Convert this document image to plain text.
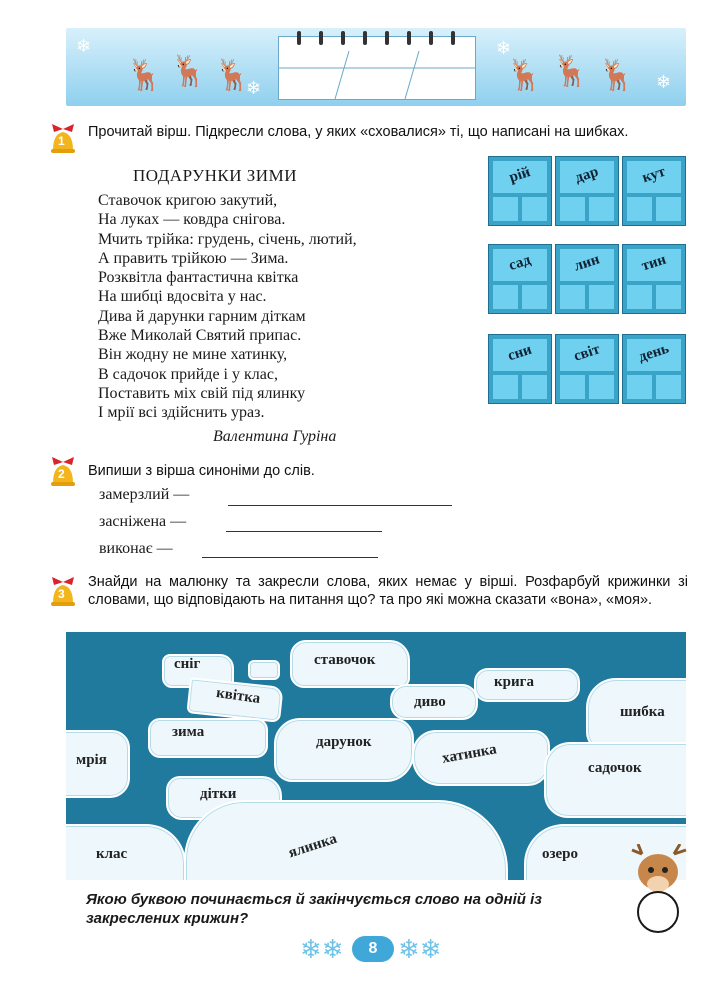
❄
❄
❄
❄
🦌 🦌 🦌	🦌 🦌 🦌
1
Прочитай вірш. Підкресли слова, у яких «сховалися» ті, що написані на шибках.
ПОДАРУНКИ ЗИМИ
Ставочок кригою закутий,
На луках — ковдра снігова.
Мчить трійка: грудень, січень, лютий,
А править трійкою — Зима.
Розквітла фантастична квітка
На шибці вдосвіта у нас.
Дива й дарунки гарним діткам
Вже Миколай Святий припас.
Він жодну не мине хатинку,
В садочок прийде і у клас,
Поставить міх свій під ялинку
І мрії всі здійснить ураз.
Валентина Гуріна
рій	дар	кут
сад	лин	тин
сни	світ	день
2 Випиши з вірша синоніми до слів.
замерзлий —
засніжена —
виконає —
3
Знайди на малюнку та закресли слова, яких немає у вірші. Розфарбуй крижинки зі словами, що відповідають на питання що? та про які можна сказати «вона», «моя».
сніг	ставочок
квітка
крига
диво
шибка
зима
дарунок	хатинка
мрія	садочок
дітки
ялинка
клас	озеро
Якою буквою починається й закінчується слово на одній із закреслених крижин?
❄❄	8 ❄❄
